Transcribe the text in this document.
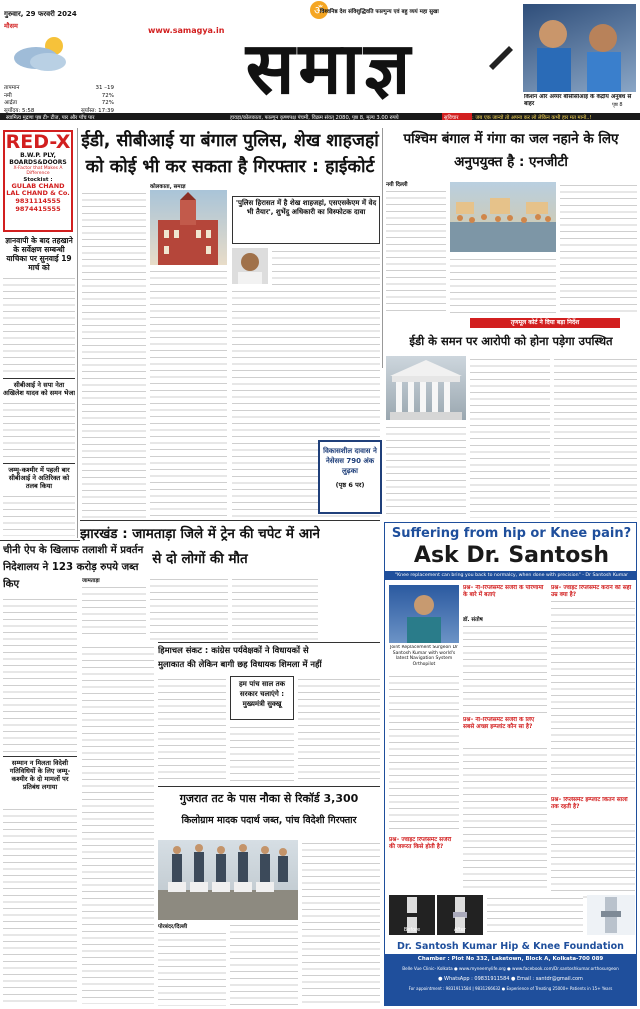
गुरुवार, 29 फरवरी 2024
मौसम
तापमान	31 –19
नमी	72%
आर्द्रता	72%
सूर्योदय: 5:58	सूर्यास्त: 17:39
ॐ
विश्वनिष्ठ देश संविशुद्धिवति फाल्गुन्य एवं बहु व्ययं महा सुखा
www.samagya.in समाज्ञ	किशन और अय्यर बीसीसीआई के केंद्रीय अनुबंध से बाहर	पृष्ठ 8
स्वामित्व मुद्रणा पृष्ठ टी॰ टीज, पार और पाँच पार	हावड़ा/कोलकाता, फाल्गुन कृष्णपक्ष पंचमी, विक्रम संवत् 2080, पृष्ठ 8, मूल्य 3.00 रुपये	सुविचार	: जब एक जान्वो तो अपना कर लो लेकिन कभी हार मत मानो..!
RED-X
B.W.P. PLY,
BOARDS&DOORS
X-Factor that Makes A Difference
Stockist :
GULAB CHAND LAL CHAND & Co.
9831114555
9874415555
ज्ञानवापी के बाद तहखाने के सर्वेक्षण सम्बन्धी याचिका पर सुनवाई 19 मार्च को
सीबीआई ने सपा नेता अखिलेश यादव को समन भेजा
जम्मू-कश्मीर में पहली बार सीबीआई ने अतिरिक्त को तलब किया
ईडी, सीबीआई या बंगाल पुलिस, शेख शाहजहां
को कोई भी कर सकता है गिरफ्तार : हाईकोर्ट
कोलकाता, समाज्ञ
'पुलिस हिरासत में है शेख शाहजहां, एसएसकेएम में वेद भी तैयार', शुभेंदु अधिकारी का विस्फोटक दावा
पश्चिम बंगाल में गंगा का जल नहाने के लिए अनुपयुक्त है : एनजीटी
नयी दिल्ली
तृणमूल कोर्ट ने दिया बड़ा निर्देश
ईडी के समन पर आरोपी को होना पड़ेगा उपस्थित
विकासशील दावास ने नेसेसस 790 अंक लुढ़का
(पृष्ठ 6 पर)
झारखंड : जामताड़ा जिले में ट्रेन की चपेट में आने से दो लोगों की मौत
जामताड़ा
चीनी ऐप के खिलाफ तलाशी में प्रवर्तन निदेशालय ने 123 करोड़ रुपये जब्त किए
सम्मान न मिलता विदेशी गतिविधियों के लिए जम्मू-कश्मीर के दो मामलों पर प्रतिबंध लगाया
हिमाचल संकट : कांग्रेस पर्यवेक्षकों ने विधायकों से
मुलाकात की लेकिन बागी छह विधायक शिमला में नहीं
हम पांच साल तक सरकार चलाएंगे : मुख्यमंत्री सुक्खू
गुजरात तट के पास नौका से रिकॉर्ड 3,300
किलोग्राम मादक पदार्थ जब्त, पांच विदेशी गिरफ्तार
पोरबंदर/दिल्ली
Suffering from hip or Knee pain?
Ask Dr. Santosh
"Knee replacement can bring you back to normalcy, when done with precision" - Dr Santosh Kumar
Joint Replacement Surgeon Dr Santosh Kumar with world's latest Navigation System Orthopilot
प्रश्न– नी–रिप्लेसमेंट सर्जरी के परिणामों के बारे में बताएं
डॉ. संतोष
प्रश्न– नी–रिप्लेसमेंट सर्जरी के लिए सबसे अच्छा इम्प्लांट कौन सा है?
प्रश्न– ज्वाइंट रिप्लेसमेंट कराने की सही उम्र क्या है?
प्रश्न– रिप्लेसमेंट इम्प्लांट कितने सालों तक रहती है?
प्रश्न– ज्वाइंट रिप्लेसमेंट सर्जरी की जरूरत किसे होती है?
Before	After
Dr. Santosh Kumar Hip & Knee Foundation
Chamber : Plot No 332, Laketown, Block A, Kolkata-700 089
Belle Vue Clinic- Kolkata ● www.myneemylife.org ● www.facebook.com/Dr.santoshkumar.orthosurgeon
● WhatsApp : 09831911584 ● Email : santdr@gmail.com
For appointment : 9831911584 | 9831266632 ● Experience of Treating 25000+ Patients in 15+ Years
